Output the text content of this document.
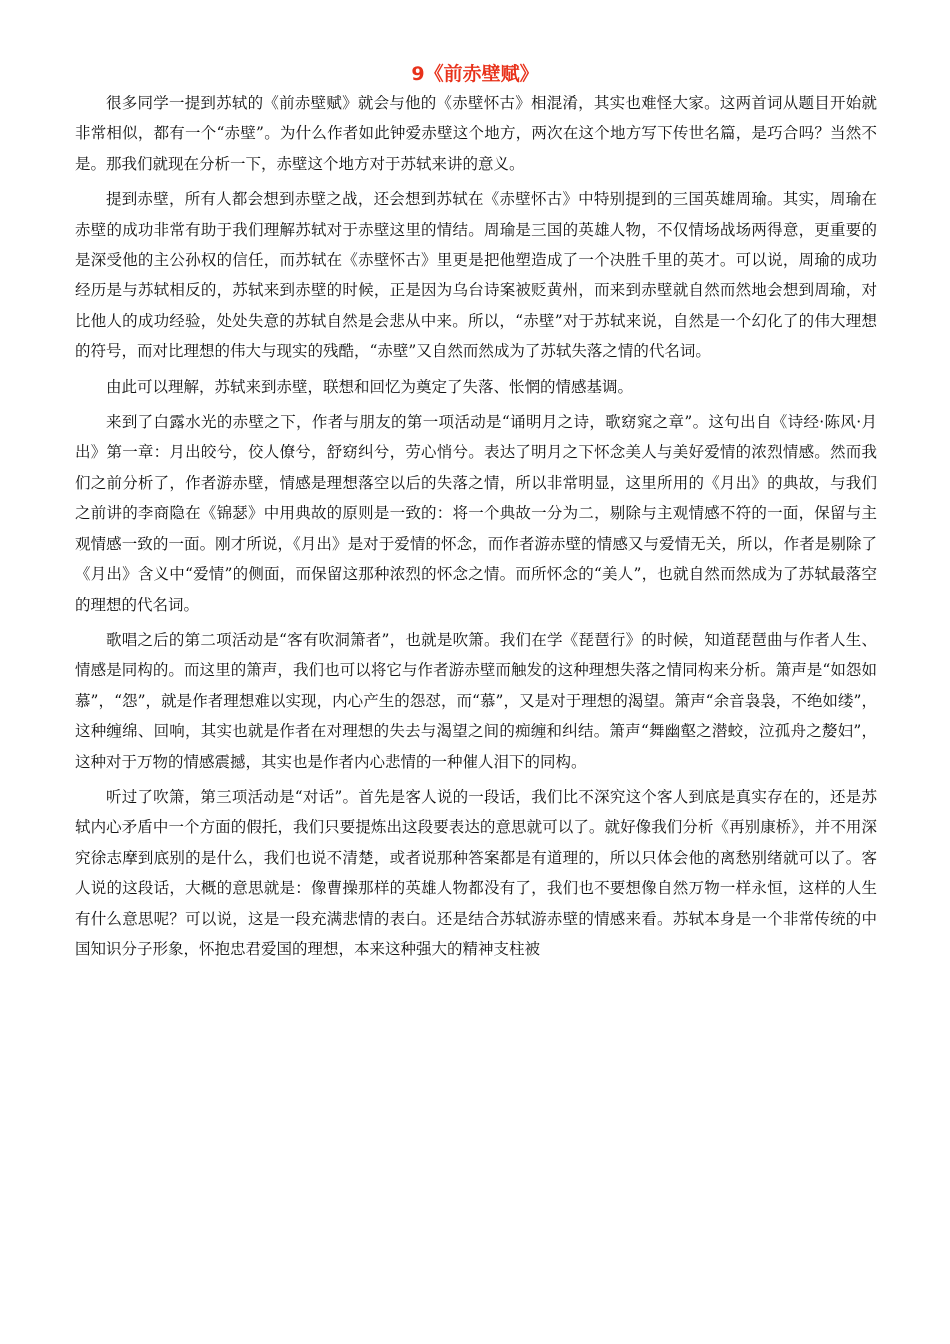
9《前赤壁赋》

很多同学一提到苏轼的《前赤壁赋》就会与他的《赤壁怀古》相混淆，其实也难怪大家。这两首词从题目开始就非常相似，都有一个“赤壁”。为什么作者如此钟爱赤壁这个地方，两次在这个地方写下传世名篇，是巧合吗？当然不是。那我们就现在分析一下，赤壁这个地方对于苏轼来讲的意义。

提到赤壁，所有人都会想到赤壁之战，还会想到苏轼在《赤壁怀古》中特别提到的三国英雄周瑜。其实，周瑜在赤壁的成功非常有助于我们理解苏轼对于赤壁这里的情结。周瑜是三国的英雄人物，不仅情场战场两得意，更重要的是深受他的主公孙权的信任，而苏轼在《赤壁怀古》里更是把他塑造成了一个决胜千里的英才。可以说，周瑜的成功经历是与苏轼相反的，苏轼来到赤壁的时候，正是因为乌台诗案被贬黄州，而来到赤壁就自然而然地会想到周瑜，对比他人的成功经验，处处失意的苏轼自然是会悲从中来。所以，“赤壁”对于苏轼来说，自然是一个幻化了的伟大理想的符号，而对比理想的伟大与现实的残酷，“赤壁”又自然而然成为了苏轼失落之情的代名词。

由此可以理解，苏轼来到赤壁，联想和回忆为奠定了失落、怅惘的情感基调。

来到了白露水光的赤壁之下，作者与朋友的第一项活动是“诵明月之诗，歌窈窕之章”。这句出自《诗经·陈风·月出》第一章：月出皎兮，佼人僚兮，舒窈纠兮，劳心悄兮。表达了明月之下怀念美人与美好爱情的浓烈情感。然而我们之前分析了，作者游赤壁，情感是理想落空以后的失落之情，所以非常明显，这里所用的《月出》的典故，与我们之前讲的李商隐在《锦瑟》中用典故的原则是一致的：将一个典故一分为二，剔除与主观情感不符的一面，保留与主观情感一致的一面。刚才所说，《月出》是对于爱情的怀念，而作者游赤壁的情感又与爱情无关，所以，作者是剔除了《月出》含义中“爱情”的侧面，而保留这那种浓烈的怀念之情。而所怀念的“美人”，也就自然而然成为了苏轼最落空的理想的代名词。

歌唱之后的第二项活动是“客有吹洞箫者”，也就是吹箫。我们在学《琵琶行》的时候，知道琵琶曲与作者人生、情感是同构的。而这里的箫声，我们也可以将它与作者游赤壁而触发的这种理想失落之情同构来分析。箫声是“如怨如慕”，“怨”，就是作者理想难以实现，内心产生的怨怼，而“慕”，又是对于理想的渴望。箫声“余音袅袅，不绝如缕”，这种缠绵、回响，其实也就是作者在对理想的失去与渴望之间的痴缠和纠结。箫声“舞幽壑之潜蛟，泣孤舟之嫠妇”，这种对于万物的情感震撼，其实也是作者内心悲情的一种催人泪下的同构。

听过了吹箫，第三项活动是“对话”。首先是客人说的一段话，我们比不深究这个客人到底是真实存在的，还是苏轼内心矛盾中一个方面的假托，我们只要提炼出这段要表达的意思就可以了。就好像我们分析《再别康桥》，并不用深究徐志摩到底别的是什么，我们也说不清楚，或者说那种答案都是有道理的，所以只体会他的离愁别绪就可以了。客人说的这段话，大概的意思就是：像曹操那样的英雄人物都没有了，我们也不要想像自然万物一样永恒，这样的人生有什么意思呢？可以说，这是一段充满悲情的表白。还是结合苏轼游赤壁的情感来看。苏轼本身是一个非常传统的中国知识分子形象，怀抱忠君爱国的理想，本来这种强大的精神支柱被
